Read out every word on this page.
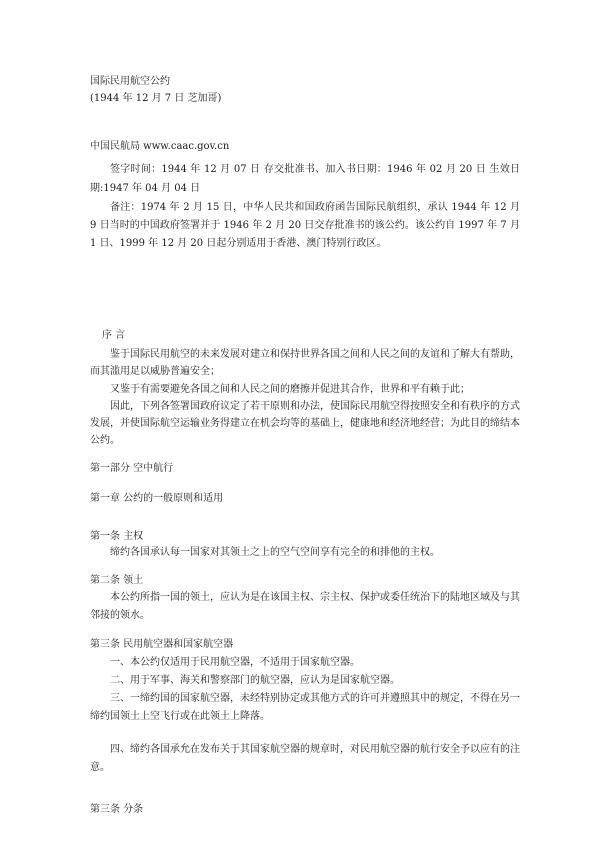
国际民用航空公约
(1944 年 12 月 7 日 芝加哥)
中国民航局 www.caac.gov.cn
签字时间：1944 年 12 月 07 日 存交批准书、加入书日期：1946 年 02 月 20 日 生效日期:1947 年 04 月 04 日
备注：1974 年 2 月 15 日，中华人民共和国政府函告国际民航组织，承认 1944 年 12 月 9 日当时的中国政府签署并于 1946 年 2 月 20 日交存批准书的该公约。该公约自 1997 年 7 月 1 日、1999 年 12 月 20 日起分别适用于香港、澳门特别行政区。
序 言
鉴于国际民用航空的未来发展对建立和保持世界各国之间和人民之间的友谊和了解大有帮助，而其滥用足以威胁普遍安全；
又鉴于有需要避免各国之间和人民之间的磨擦并促进其合作，世界和平有赖于此；
因此，下列各签署国政府议定了若干原则和办法，使国际民用航空得按照安全和有秩序的方式发展，并使国际航空运输业务得建立在机会均等的基础上，健康地和经济地经营；为此目的缔结本公约。
第一部分 空中航行
第一章 公约的一般原则和适用
第一条 主权
缔约各国承认每一国家对其领土之上的空气空间享有完全的和排他的主权。
第二条 领土
本公约所指一国的领土，应认为是在该国主权、宗主权、保护或委任统治下的陆地区域及与其邻接的领水。
第三条 民用航空器和国家航空器
一、本公约仅适用于民用航空器，不适用于国家航空器。
二、用于军事、海关和警察部门的航空器，应认为是国家航空器。
三、一缔约国的国家航空器，未经特别协定或其他方式的许可并遵照其中的规定，不得在另一缔约国领土上空飞行或在此领土上降落。
四、缔约各国承允在发布关于其国家航空器的规章时，对民用航空器的航行安全予以应有的注意。
第三条 分条
